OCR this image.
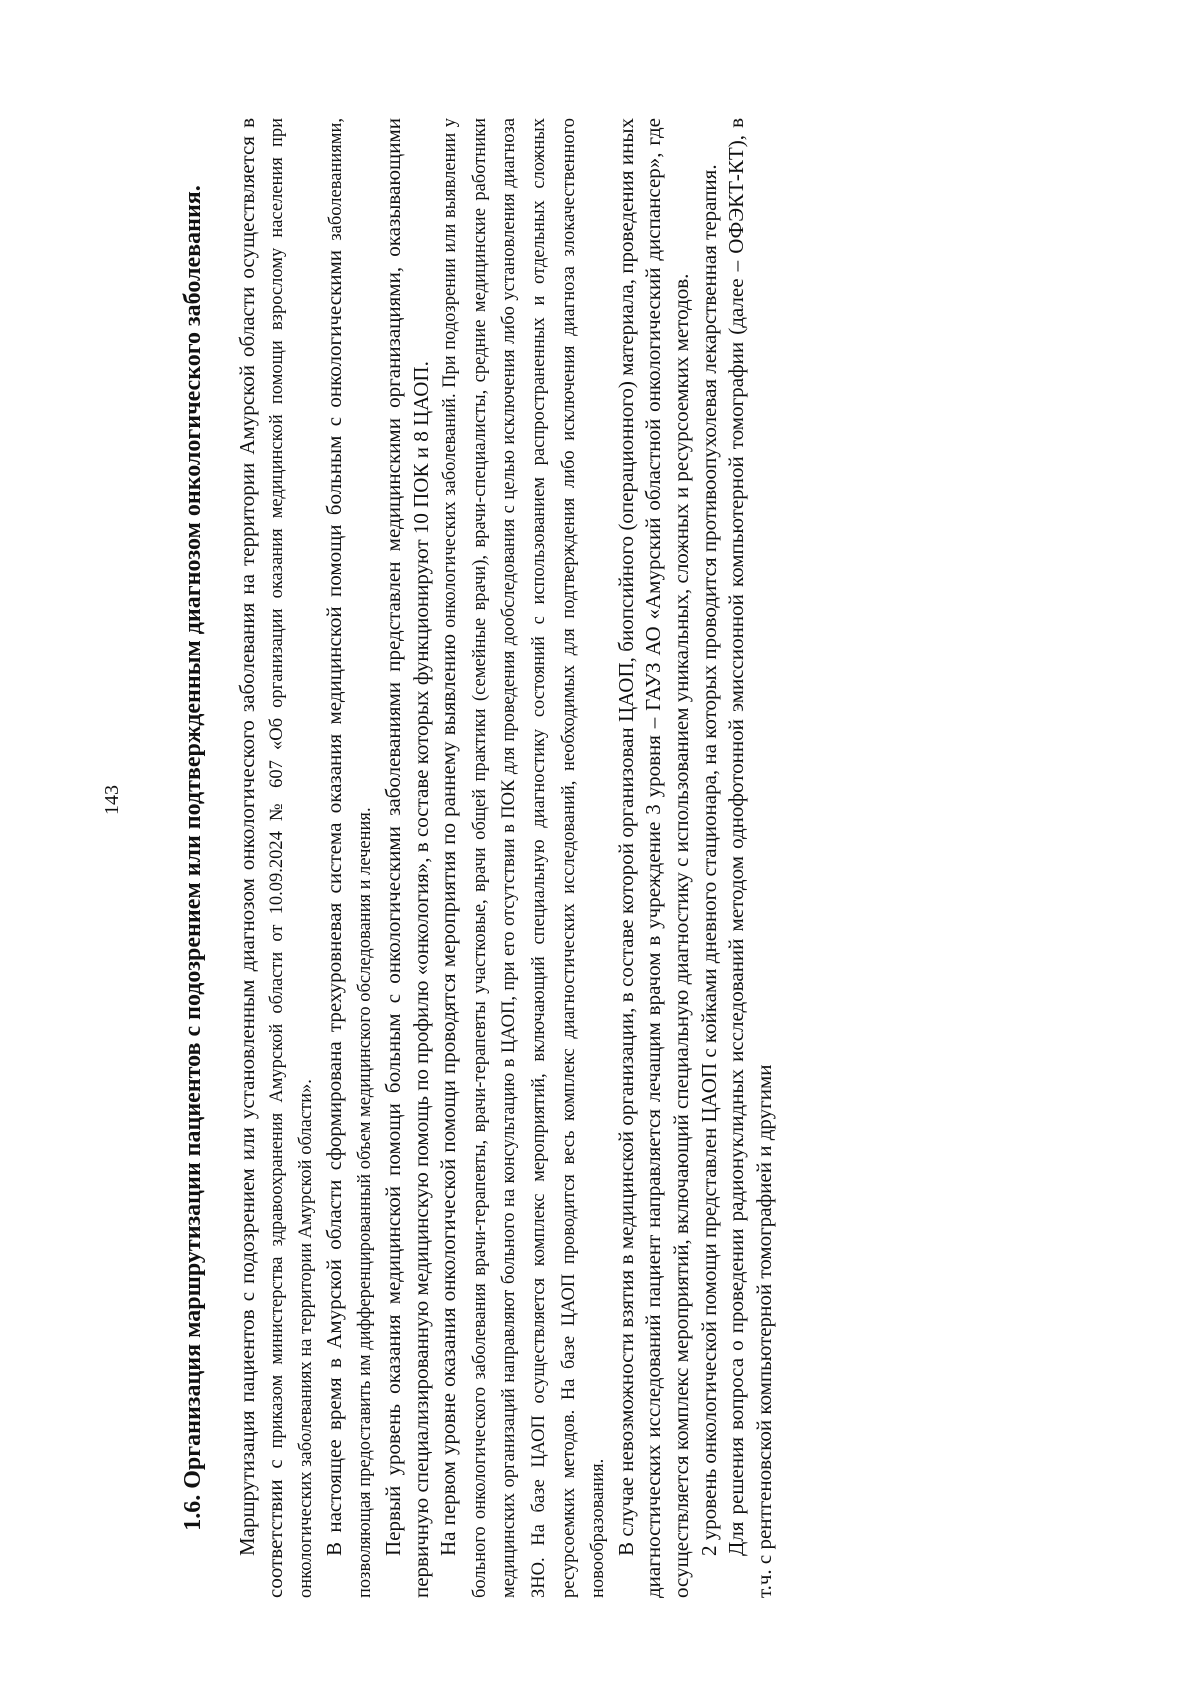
143	1.6. Организация маршрутизации пациентов с подозрением или подтвержденным диагнозом онкологического заболевания. Маршрутизация пациентов с подозрением или установленным диагнозом онкологического заболевания на территории Амурской области осуществляется в соответствии с приказом министерства здравоохранения Амурской области от 10.09.2024 № 607 «Об организации оказания медицинской помощи взрослому населения при онкологических заболеваниях на территории Амурской области». В настоящее время в Амурской области сформирована трехуровневая система оказания медицинской помощи больным с онкологическими заболеваниями, позволяющая предоставить им дифференцированный объем медицинского обследования и лечения. Первый уровень оказания медицинской помощи больным с онкологическими заболеваниями представлен медицинскими организациями, оказывающими первичную специализированную медицинскую помощь по профилю «онкология», в составе которых функционируют 10 ПОК и 8 ЦАОП. На первом уровне оказания онкологической помощи проводятся мероприятия по раннему выявлению онкологических заболеваний. При подозрении или выявлении у больного онкологического заболевания врачи-терапевты, врачи-терапевты участковые, врачи общей практики (семейные врачи), врачи-специалисты, средние медицинские работники медицинских организаций направляют больного на консультацию в ЦАОП, при его отсутствии в ПОК для проведения дообследования с целью исключения либо установления диагноза ЗНО. На базе ЦАОП осуществляется комплекс мероприятий, включающий специальную диагностику состояний с использованием распространенных и отдельных сложных ресурсоемких методов. На базе ЦАОП проводится весь комплекс диагностических исследований, необходимых для подтверждения либо исключения диагноза злокачественного новообразования. В случае невозможности взятия в медицинской организации, в составе которой организован ЦАОП, биопсийного (операционного) материала, проведения иных диагностических исследований пациент направляется лечащим врачом в учреждение 3 уровня – ГАУЗ АО «Амурский областной онкологический диспансер», где осуществляется комплекс мероприятий, включающий специальную диагностику с использованием уникальных, сложных и ресурсоемких методов. 2 уровень онкологической помощи представлен ЦАОП с койками дневного стационара, на которых проводится противоопухолевая лекарственная терапия. Для решения вопроса о проведении радионуклидных исследований методом однофотонной эмиссионной компьютерной томографии (далее – ОФЭКТ-КТ), в т.ч. с рентгеновской компьютерной томографией и другими
